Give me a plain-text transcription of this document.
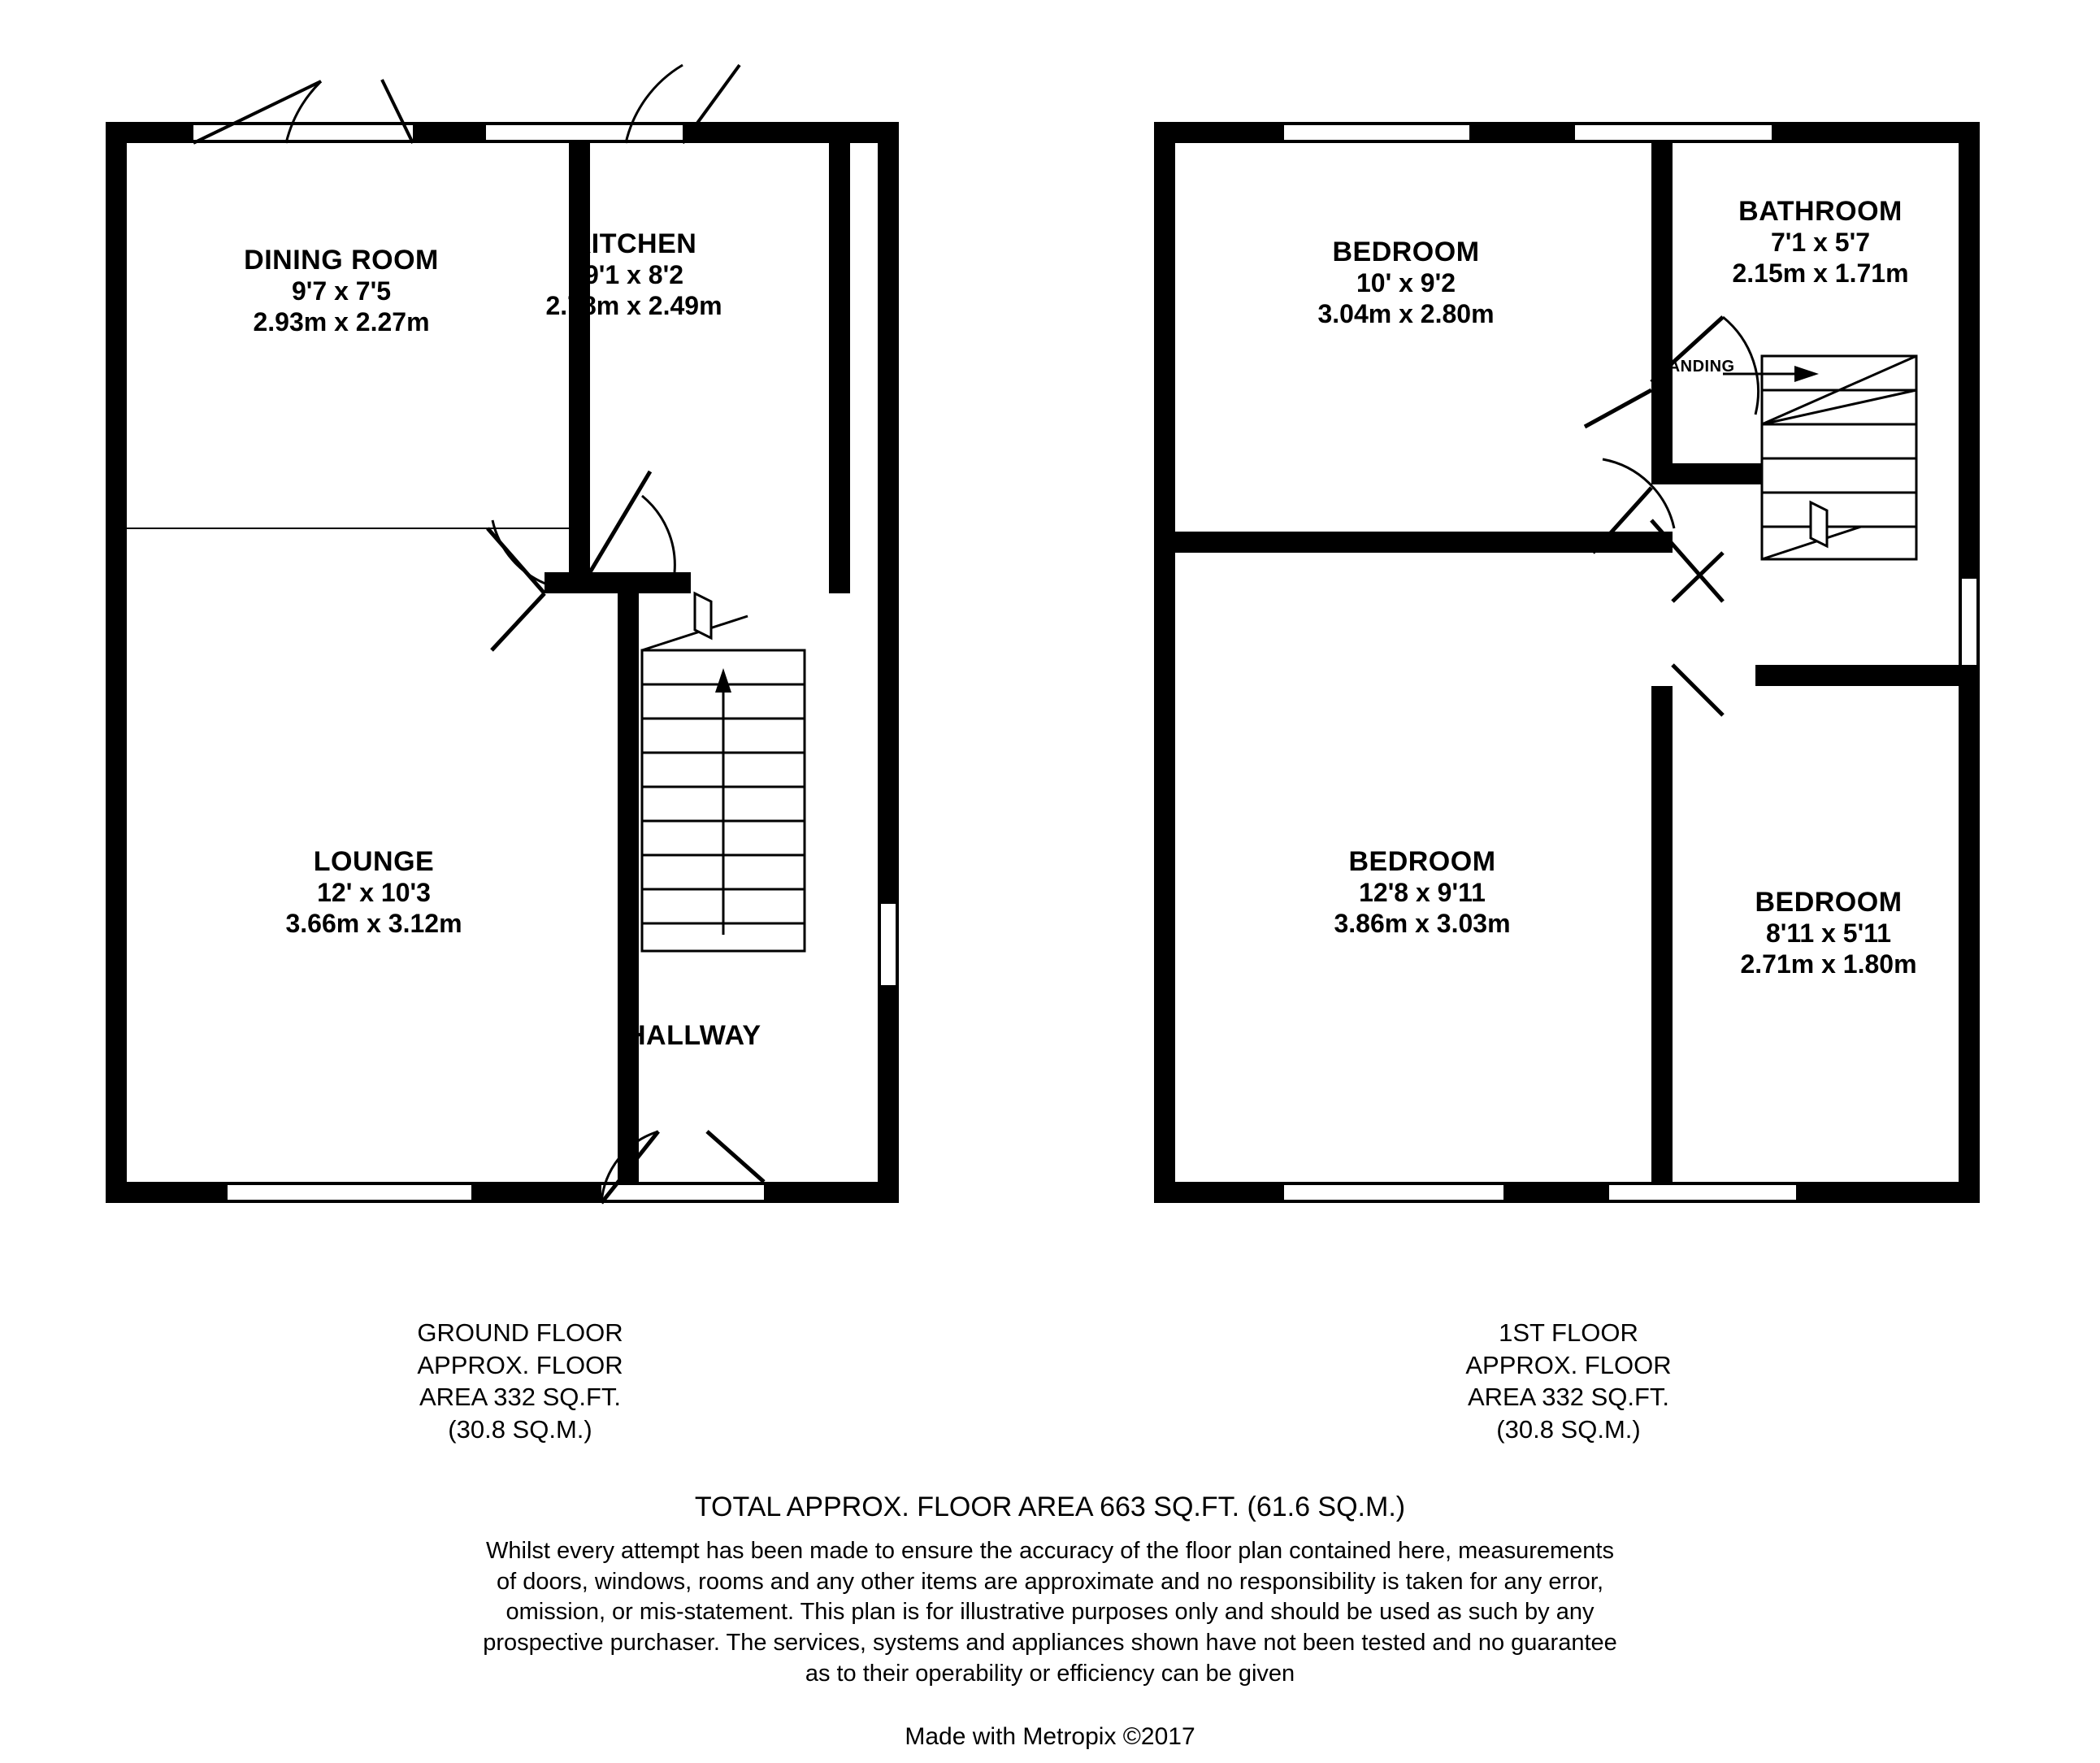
DINING ROOM
9'7 x 7'5
2.93m x 2.27m
KITCHEN
9'1 x 8'2
2.78m x 2.49m
LOUNGE
12' x 10'3
3.66m x 3.12m
HALLWAY
BEDROOM
10' x 9'2
3.04m x 2.80m
BATHROOM
7'1 x 5'7
2.15m x 1.71m
BEDROOM
12'8 x 9'11
3.86m x 3.03m
BEDROOM
8'11 x 5'11
2.71m x 1.80m
LANDING
GROUND FLOOR
APPROX. FLOOR
AREA 332 SQ.FT.
(30.8 SQ.M.)
1ST FLOOR
APPROX. FLOOR
AREA 332 SQ.FT.
(30.8 SQ.M.)
TOTAL APPROX. FLOOR AREA 663 SQ.FT. (61.6 SQ.M.)
Whilst every attempt has been made to ensure the accuracy of the floor plan contained here, measurements
of doors, windows, rooms and any other items are approximate and no responsibility is taken for any error,
omission, or mis-statement. This plan is for illustrative purposes only and should be used as such by any
prospective purchaser. The services, systems and appliances shown have not been tested and no guarantee
as to their operability or efficiency can be given
Made with Metropix ©2017
